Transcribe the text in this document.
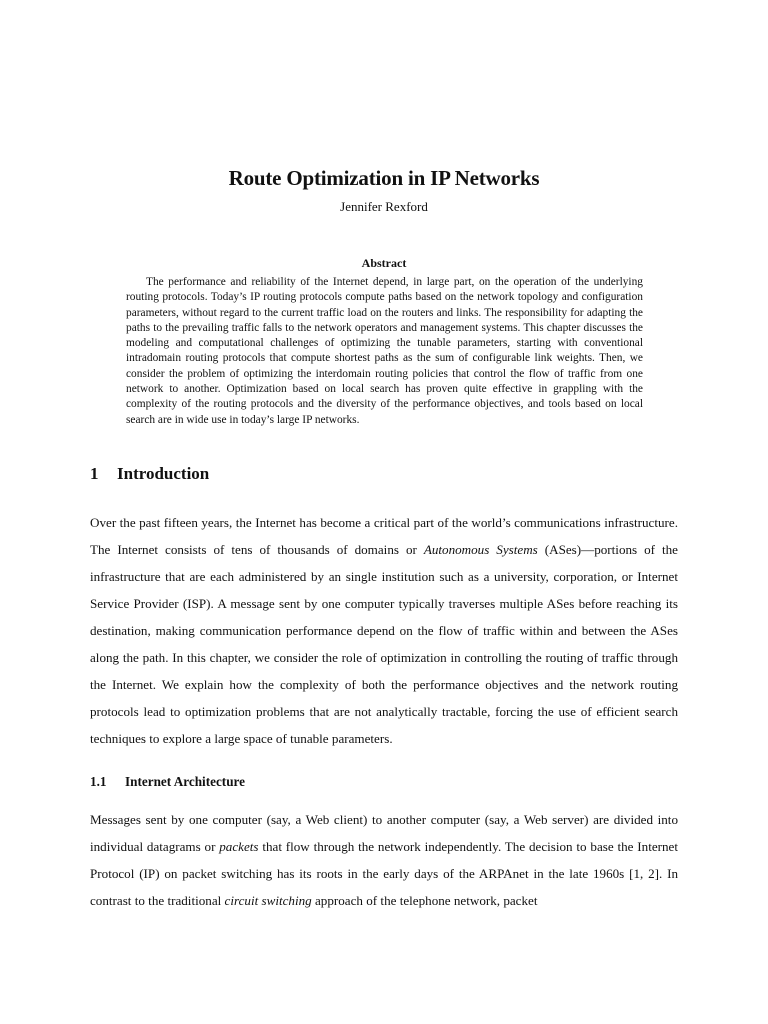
Route Optimization in IP Networks
Jennifer Rexford
Abstract

The performance and reliability of the Internet depend, in large part, on the operation of the underlying routing protocols. Today’s IP routing protocols compute paths based on the network topology and configuration parameters, without regard to the current traffic load on the routers and links. The responsibility for adapting the paths to the prevailing traffic falls to the network operators and management systems. This chapter discusses the modeling and computational challenges of optimizing the tunable parameters, starting with conventional intradomain routing protocols that compute shortest paths as the sum of configurable link weights. Then, we consider the problem of optimizing the interdomain routing policies that control the flow of traffic from one network to another. Optimization based on local search has proven quite effective in grappling with the complexity of the routing protocols and the diversity of the performance objectives, and tools based on local search are in wide use in today’s large IP networks.

1 Introduction

Over the past fifteen years, the Internet has become a critical part of the world’s communications infrastructure. The Internet consists of tens of thousands of domains or Autonomous Systems (ASes)—portions of the infrastructure that are each administered by an single institution such as a university, corporation, or Internet Service Provider (ISP). A message sent by one computer typically traverses multiple ASes before reaching its destination, making communication performance depend on the flow of traffic within and between the ASes along the path. In this chapter, we consider the role of optimization in controlling the routing of traffic through the Internet. We explain how the complexity of both the performance objectives and the network routing protocols lead to optimization problems that are not analytically tractable, forcing the use of efficient search techniques to explore a large space of tunable parameters.

1.1 Internet Architecture

Messages sent by one computer (say, a Web client) to another computer (say, a Web server) are divided into individual datagrams or packets that flow through the network independently. The decision to base the Internet Protocol (IP) on packet switching has its roots in the early days of the ARPAnet in the late 1960s [1, 2]. In contrast to the traditional circuit switching approach of the telephone network, packet
